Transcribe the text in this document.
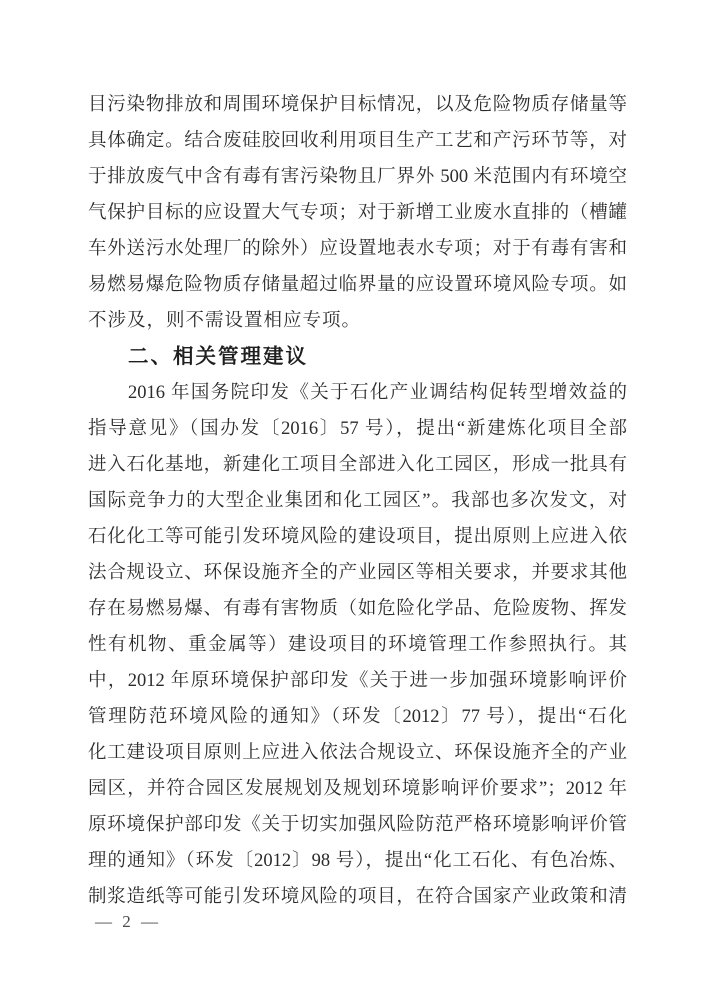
目污染物排放和周围环境保护目标情况，以及危险物质存储量等
具体确定。结合废硅胶回收利用项目生产工艺和产污环节等，对
于排放废气中含有毒有害污染物且厂界外 500 米范围内有环境空
气保护目标的应设置大气专项；对于新增工业废水直排的（槽罐
车外送污水处理厂的除外）应设置地表水专项；对于有毒有害和
易燃易爆危险物质存储量超过临界量的应设置环境风险专项。如
不涉及，则不需设置相应专项。
二、相关管理建议
2016 年国务院印发《关于石化产业调结构促转型增效益的
指导意见》（国办发〔2016〕57 号），提出“新建炼化项目全部
进入石化基地，新建化工项目全部进入化工园区，形成一批具有
国际竞争力的大型企业集团和化工园区”。我部也多次发文，对
石化化工等可能引发环境风险的建设项目，提出原则上应进入依
法合规设立、环保设施齐全的产业园区等相关要求，并要求其他
存在易燃易爆、有毒有害物质（如危险化学品、危险废物、挥发
性有机物、重金属等）建设项目的环境管理工作参照执行。其
中，2012 年原环境保护部印发《关于进一步加强环境影响评价
管理防范环境风险的通知》（环发〔2012〕77 号），提出“石化
化工建设项目原则上应进入依法合规设立、环保设施齐全的产业
园区，并符合园区发展规划及规划环境影响评价要求”；2012 年
原环境保护部印发《关于切实加强风险防范严格环境影响评价管
理的通知》（环发〔2012〕98 号），提出“化工石化、有色冶炼、
制浆造纸等可能引发环境风险的项目，在符合国家产业政策和清
— 2 —
